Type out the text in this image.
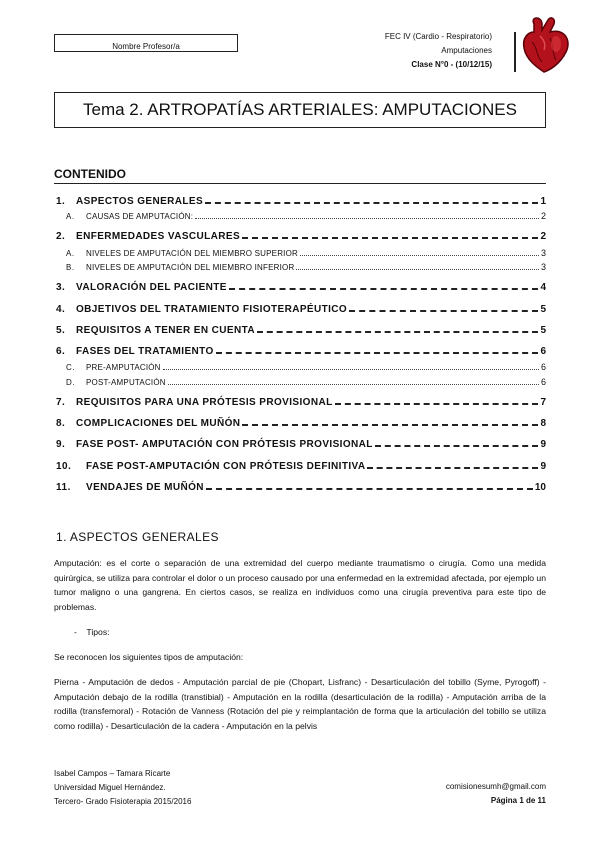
Nombre Profesor/a
FEC IV (Cardio - Respiratorio)
Amputaciones
Clase N°0 - (10/12/15)
Tema 2. ARTROPATÍAS ARTERIALES: AMPUTACIONES
CONTENIDO
1.	ASPECTOS GENERALES	1
A.	CAUSAS DE AMPUTACIÓN:	2
2.	ENFERMEDADES VASCULARES	2
A.	NIVELES DE AMPUTACIÓN DEL MIEMBRO SUPERIOR	3
B.	NIVELES DE AMPUTACIÓN DEL MIEMBRO INFERIOR	3
3.	VALORACIÓN DEL PACIENTE	4
4.	OBJETIVOS DEL TRATAMIENTO FISIOTERAPÉUTICO	5
5.	REQUISITOS A TENER EN CUENTA	5
6.	FASES DEL TRATAMIENTO	6
C.	PRE-AMPUTACIÓN	6
D.	POST-AMPUTACIÓN	6
7.	REQUISITOS PARA UNA PRÓTESIS PROVISIONAL	7
8.	COMPLICACIONES DEL MUÑÓN	8
9.	FASE POST- AMPUTACIÓN CON PRÓTESIS PROVISIONAL	9
10.	FASE POST-AMPUTACIÓN CON PRÓTESIS DEFINITIVA	9
11.	VENDAJES DE MUÑÓN	10
1. ASPECTOS GENERALES
Amputación: es el corte o separación de una extremidad del cuerpo mediante traumatismo o cirugía. Como una medida quirúrgica, se utiliza para controlar el dolor o un proceso causado por una enfermedad en la extremidad afectada, por ejemplo un tumor maligno o una gangrena. En ciertos casos, se realiza en individuos como una cirugía preventiva para este tipo de problemas.
-    Tipos:
Se reconocen los siguientes tipos de amputación:
Pierna - Amputación de dedos - Amputación parcial de pie (Chopart, Lisfranc) - Desarticulación del tobillo (Syme, Pyrogoff) - Amputación debajo de la rodilla (transtibial) - Amputación en la rodilla (desarticulación de la rodilla) - Amputación arriba de la rodilla (transfemoral) - Rotación de Vanness (Rotación del pie y reimplantación de forma que la articulación del tobillo se utiliza como rodilla) - Desarticulación de la cadera - Amputación en la pelvis
Isabel Campos – Tamara Ricarte
Universidad Miguel Hernández.
Tercero- Grado Fisioterapia 2015/2016
comisionesumh@gmail.com
Página 1 de 11
